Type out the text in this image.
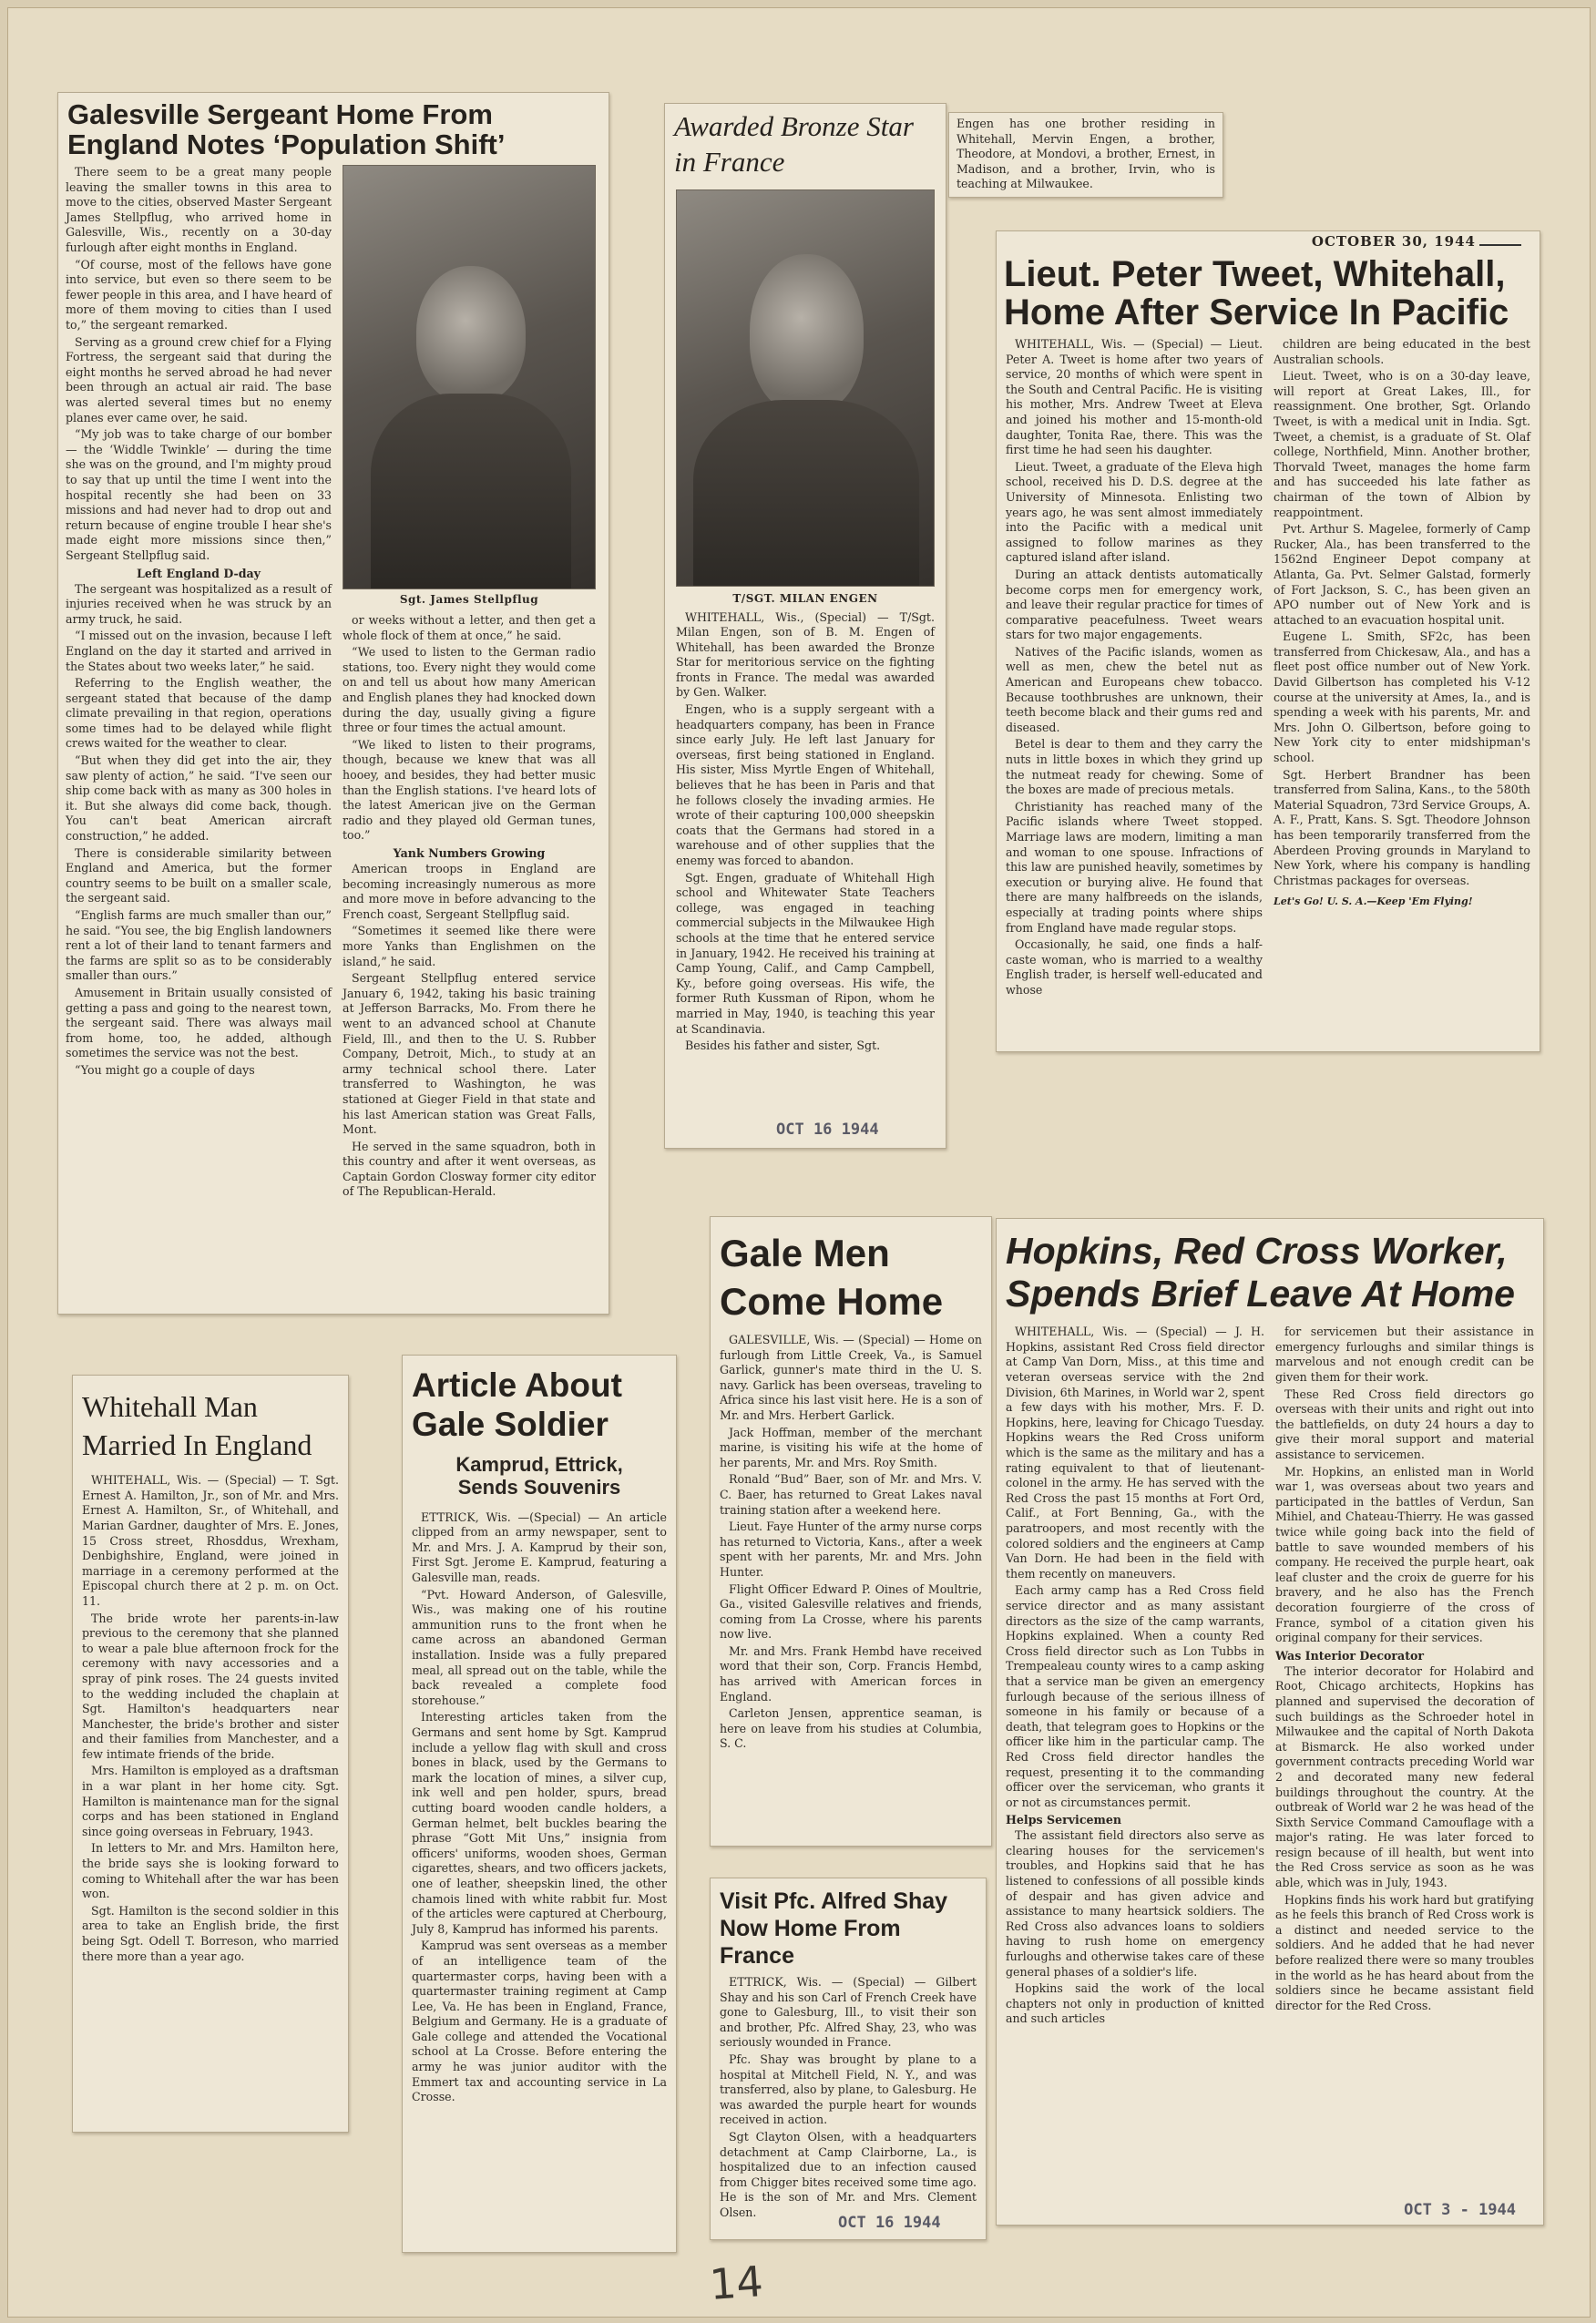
Galesville Sergeant Home From England Notes ‘Population Shift’

There seem to be a great many people leaving the smaller towns in this area to move to the cities, observed Master Sergeant James Stellpflug, who arrived home in Galesville, Wis., recently on a 30-day furlough after eight months in England.

“Of course, most of the fellows have gone into service, but even so there seem to be fewer people in this area, and I have heard of more of them moving to cities than I used to,” the sergeant remarked.

Serving as a ground crew chief for a Flying Fortress, the sergeant said that during the eight months he served abroad he had never been through an actual air raid. The base was alerted several times but no enemy planes ever came over, he said.

“My job was to take charge of our bomber — the ‘Widdle Twinkle’ — during the time she was on the ground, and I'm mighty proud to say that up until the time I went into the hospital recently she had been on 33 missions and had never had to drop out and return because of engine trouble I hear she's made eight more missions since then,” Sergeant Stellpflug said.

Left England D-day

The sergeant was hospitalized as a result of injuries received when he was struck by an army truck, he said.

“I missed out on the invasion, because I left England on the day it started and arrived in the States about two weeks later,” he said.

Referring to the English weather, the sergeant stated that because of the damp climate prevailing in that region, operations some times had to be delayed while flight crews waited for the weather to clear.

“But when they did get into the air, they saw plenty of action,” he said. “I've seen our ship come back with as many as 300 holes in it. But she always did come back, though. You can't beat American aircraft construction,” he added.

There is considerable similarity between England and America, but the former country seems to be built on a smaller scale, the sergeant said.

“English farms are much smaller than our,” he said. “You see, the big English landowners rent a lot of their land to tenant farmers and the farms are split so as to be considerably smaller than ours.”

Amusement in Britain usually consisted of getting a pass and going to the nearest town, the sergeant said. There was always mail from home, too, he added, although sometimes the service was not the best.

“You might go a couple of days

Sgt. James Stellpflug

or weeks without a letter, and then get a whole flock of them at once,” he said.

“We used to listen to the German radio stations, too. Every night they would come on and tell us about how many American and English planes they had knocked down during the day, usually giving a figure three or four times the actual amount.

“We liked to listen to their programs, though, because we knew that was all hooey, and besides, they had better music than the English stations. I've heard lots of the latest American jive on the German radio and they played old German tunes, too.”

Yank Numbers Growing

American troops in England are becoming increasingly numerous as more and more move in before advancing to the French coast, Sergeant Stellpflug said.

“Sometimes it seemed like there were more Yanks than Englishmen on the island,” he said.

Sergeant Stellpflug entered service January 6, 1942, taking his basic training at Jefferson Barracks, Mo. From there he went to an advanced school at Chanute Field, Ill., and then to the U. S. Rubber Company, Detroit, Mich., to study at an army technical school there. Later transferred to Washington, he was stationed at Gieger Field in that state and his last American station was Great Falls, Mont.

He served in the same squadron, both in this country and after it went overseas, as Captain Gordon Closway former city editor of The Republican-Herald.

Awarded Bronze Star in France
T/SGT. MILAN ENGEN

WHITEHALL, Wis., (Special) — T/Sgt. Milan Engen, son of B. M. Engen of Whitehall, has been awarded the Bronze Star for meritorious service on the fighting fronts in France. The medal was awarded by Gen. Walker.

Engen, who is a supply sergeant with a headquarters company, has been in France since early July. He left last January for overseas, first being stationed in England. His sister, Miss Myrtle Engen of Whitehall, believes that he has been in Paris and that he follows closely the invading armies. He wrote of their capturing 100,000 sheepskin coats that the Germans had stored in a warehouse and of other supplies that the enemy was forced to abandon.

Sgt. Engen, graduate of Whitehall High school and Whitewater State Teachers college, was engaged in teaching commercial subjects in the Milwaukee High schools at the time that he entered service in January, 1942. He received his training at Camp Young, Calif., and Camp Campbell, Ky., before going overseas. His wife, the former Ruth Kussman of Ripon, whom he married in May, 1940, is teaching this year at Scandinavia.

Besides his father and sister, Sgt.

OCT 16 1944

Engen has one brother residing in Whitehall, Mervin Engen, a brother, Theodore, at Mondovi, a brother, Ernest, in Madison, and a brother, Irvin, who is teaching at Milwaukee.

OCTOBER 30, 1944
Lieut. Peter Tweet, Whitehall, Home After Service In Pacific

WHITEHALL, Wis. — (Special) — Lieut. Peter A. Tweet is home after two years of service, 20 months of which were spent in the South and Central Pacific. He is visiting his mother, Mrs. Andrew Tweet at Eleva and joined his mother and 15-month-old daughter, Tonita Rae, there. This was the first time he had seen his daughter.

Lieut. Tweet, a graduate of the Eleva high school, received his D. D.S. degree at the University of Minnesota. Enlisting two years ago, he was sent almost immediately into the Pacific with a medical unit assigned to follow marines as they captured island after island.

During an attack dentists automatically become corps men for emergency work, and leave their regular practice for times of comparative peacefulness. Tweet wears stars for two major engagements.

Natives of the Pacific islands, women as well as men, chew the betel nut as American and Europeans chew tobacco. Because toothbrushes are unknown, their teeth become black and their gums red and diseased.

Betel is dear to them and they carry the nuts in little boxes in which they grind up the nutmeat ready for chewing. Some of the boxes are made of precious metals.

Christianity has reached many of the Pacific islands where Tweet stopped. Marriage laws are modern, limiting a man and woman to one spouse. Infractions of this law are punished heavily, sometimes by execution or burying alive. He found that there are many halfbreeds on the islands, especially at trading points where ships from England have made regular stops.

Occasionally, he said, one finds a half-caste woman, who is married to a wealthy English trader, is herself well-educated and whose

children are being educated in the best Australian schools.

Lieut. Tweet, who is on a 30-day leave, will report at Great Lakes, Ill., for reassignment. One brother, Sgt. Orlando Tweet, is with a medical unit in India. Sgt. Tweet, a chemist, is a graduate of St. Olaf college, Northfield, Minn. Another brother, Thorvald Tweet, manages the home farm and has succeeded his late father as chairman of the town of Albion by reappointment.

Pvt. Arthur S. Magelee, formerly of Camp Rucker, Ala., has been transferred to the 1562nd Engineer Depot company at Atlanta, Ga. Pvt. Selmer Galstad, formerly of Fort Jackson, S. C., has been given an APO number out of New York and is attached to an evacuation hospital unit.

Eugene L. Smith, SF2c, has been transferred from Chickesaw, Ala., and has a fleet post office number out of New York. David Gilbertson has completed his V-12 course at the university at Ames, Ia., and is spending a week with his parents, Mr. and Mrs. John O. Gilbertson, before going to New York city to enter midshipman's school.

Sgt. Herbert Brandner has been transferred from Salina, Kans., to the 580th Material Squadron, 73rd Service Groups, A. A. F., Pratt, Kans. S. Sgt. Theodore Johnson has been temporarily transferred from the Aberdeen Proving grounds in Maryland to New York, where his company is handling Christmas packages for overseas.

Let's Go! U. S. A.—Keep 'Em Flying!
Whitehall Man Married In England

WHITEHALL, Wis. — (Special) — T. Sgt. Ernest A. Hamilton, Jr., son of Mr. and Mrs. Ernest A. Hamilton, Sr., of Whitehall, and Marian Gardner, daughter of Mrs. E. Jones, 15 Cross street, Rhosddus, Wrexham, Denbighshire, England, were joined in marriage in a ceremony performed at the Episcopal church there at 2 p. m. on Oct. 11.

The bride wrote her parents-in-law previous to the ceremony that she planned to wear a pale blue afternoon frock for the ceremony with navy accessories and a spray of pink roses. The 24 guests invited to the wedding included the chaplain at Sgt. Hamilton's headquarters near Manchester, the bride's brother and sister and their families from Manchester, and a few intimate friends of the bride.

Mrs. Hamilton is employed as a draftsman in a war plant in her home city. Sgt. Hamilton is maintenance man for the signal corps and has been stationed in England since going overseas in February, 1943.

In letters to Mr. and Mrs. Hamilton here, the bride says she is looking forward to coming to Whitehall after the war has been won.

Sgt. Hamilton is the second soldier in this area to take an English bride, the first being Sgt. Odell T. Borreson, who married there more than a year ago.

Article About Gale Soldier
Kamprud, Ettrick, Sends Souvenirs

ETTRICK, Wis. —(Special) — An article clipped from an army newspaper, sent to Mr. and Mrs. J. A. Kamprud by their son, First Sgt. Jerome E. Kamprud, featuring a Galesville man, reads.

“Pvt. Howard Anderson, of Galesville, Wis., was making one of his routine ammunition runs to the front when he came across an abandoned German installation. Inside was a fully prepared meal, all spread out on the table, while the back revealed a complete food storehouse.”

Interesting articles taken from the Germans and sent home by Sgt. Kamprud include a yellow flag with skull and cross bones in black, used by the Germans to mark the location of mines, a silver cup, ink well and pen holder, spurs, bread cutting board wooden candle holders, a German helmet, belt buckles bearing the phrase “Gott Mit Uns,” insignia from officers' uniforms, wooden shoes, German cigarettes, shears, and two officers jackets, one of leather, sheepskin lined, the other chamois lined with white rabbit fur. Most of the articles were captured at Cherbourg, July 8, Kamprud has informed his parents.

Kamprud was sent overseas as a member of an intelligence team of the quartermaster corps, having been with a quartermaster training regiment at Camp Lee, Va. He has been in England, France, Belgium and Germany. He is a graduate of Gale college and attended the Vocational school at La Crosse. Before entering the army he was junior auditor with the Emmert tax and accounting service in La Crosse.

Gale Men Come Home

GALESVILLE, Wis. — (Special) — Home on furlough from Little Creek, Va., is Samuel Garlick, gunner's mate third in the U. S. navy. Garlick has been overseas, traveling to Africa since his last visit here. He is a son of Mr. and Mrs. Herbert Garlick.

Jack Hoffman, member of the merchant marine, is visiting his wife at the home of her parents, Mr. and Mrs. Roy Smith.

Ronald “Bud” Baer, son of Mr. and Mrs. V. C. Baer, has returned to Great Lakes naval training station after a weekend here.

Lieut. Faye Hunter of the army nurse corps has returned to Victoria, Kans., after a week spent with her parents, Mr. and Mrs. John Hunter.

Flight Officer Edward P. Oines of Moultrie, Ga., visited Galesville relatives and friends, coming from La Crosse, where his parents now live.

Mr. and Mrs. Frank Hembd have received word that their son, Corp. Francis Hembd, has arrived with American forces in England.

Carleton Jensen, apprentice seaman, is here on leave from his studies at Columbia, S. C.

Visit Pfc. Alfred Shay Now Home From France

ETTRICK, Wis. — (Special) — Gilbert Shay and his son Carl of French Creek have gone to Galesburg, Ill., to visit their son and brother, Pfc. Alfred Shay, 23, who was seriously wounded in France.

Pfc. Shay was brought by plane to a hospital at Mitchell Field, N. Y., and was transferred, also by plane, to Galesburg. He was awarded the purple heart for wounds received in action.

Sgt Clayton Olsen, with a headquarters detachment at Camp Clairborne, La., is hospitalized due to an infection caused from Chigger bites received some time ago. He is the son of Mr. and Mrs. Clement Olsen.

OCT 16 1944
Hopkins, Red Cross Worker, Spends Brief Leave At Home

WHITEHALL, Wis. — (Special) — J. H. Hopkins, assistant Red Cross field director at Camp Van Dorn, Miss., at this time and veteran overseas service with the 2nd Division, 6th Marines, in World war 2, spent a few days with his mother, Mrs. F. D. Hopkins, here, leaving for Chicago Tuesday. Hopkins wears the Red Cross uniform which is the same as the military and has a rating equivalent to that of lieutenant-colonel in the army. He has served with the Red Cross the past 15 months at Fort Ord, Calif., at Fort Benning, Ga., with the paratroopers, and most recently with the colored soldiers and the engineers at Camp Van Dorn. He had been in the field with them recently on maneuvers.

Each army camp has a Red Cross field service director and as many assistant directors as the size of the camp warrants, Hopkins explained. When a county Red Cross field director such as Lon Tubbs in Trempealeau county wires to a camp asking that a service man be given an emergency furlough because of the serious illness of someone in his family or because of a death, that telegram goes to Hopkins or the officer like him in the particular camp. The Red Cross field director handles the request, presenting it to the commanding officer over the serviceman, who grants it or not as circumstances permit.

Helps Servicemen

The assistant field directors also serve as clearing houses for the servicemen's troubles, and Hopkins said that he has listened to confessions of all possible kinds of despair and has given advice and assistance to many heartsick soldiers. The Red Cross also advances loans to soldiers having to rush home on emergency furloughs and otherwise takes care of these general phases of a soldier's life.

Hopkins said the work of the local chapters not only in production of knitted and such articles

for servicemen but their assistance in emergency furloughs and similar things is marvelous and not enough credit can be given them for their work.

These Red Cross field directors go overseas with their units and right out into the battlefields, on duty 24 hours a day to give their moral support and material assistance to servicemen.

Mr. Hopkins, an enlisted man in World war 1, was overseas about two years and participated in the battles of Verdun, San Mihiel, and Chateau-Thierry. He was gassed twice while going back into the field of battle to save wounded members of his company. He received the purple heart, oak leaf cluster and the croix de guerre for his bravery, and he also has the French decoration fourgierre of the cross of France, symbol of a citation given his original company for their services.

Was Interior Decorator

The interior decorator for Holabird and Root, Chicago architects, Hopkins has planned and supervised the decoration of such buildings as the Schroeder hotel in Milwaukee and the capital of North Dakota at Bismarck. He also worked under government contracts preceding World war 2 and decorated many new federal buildings throughout the country. At the outbreak of World war 2 he was head of the Sixth Service Command Camouflage with a major's rating. He was later forced to resign because of ill health, but went into the Red Cross service as soon as he was able, which was in July, 1943.

Hopkins finds his work hard but gratifying as he feels this branch of Red Cross work is a distinct and needed service to the soldiers. And he added that he had never before realized there were so many troubles in the world as he has heard about from the soldiers since he became assistant field director for the Red Cross.

OCT 3 - 1944
14
